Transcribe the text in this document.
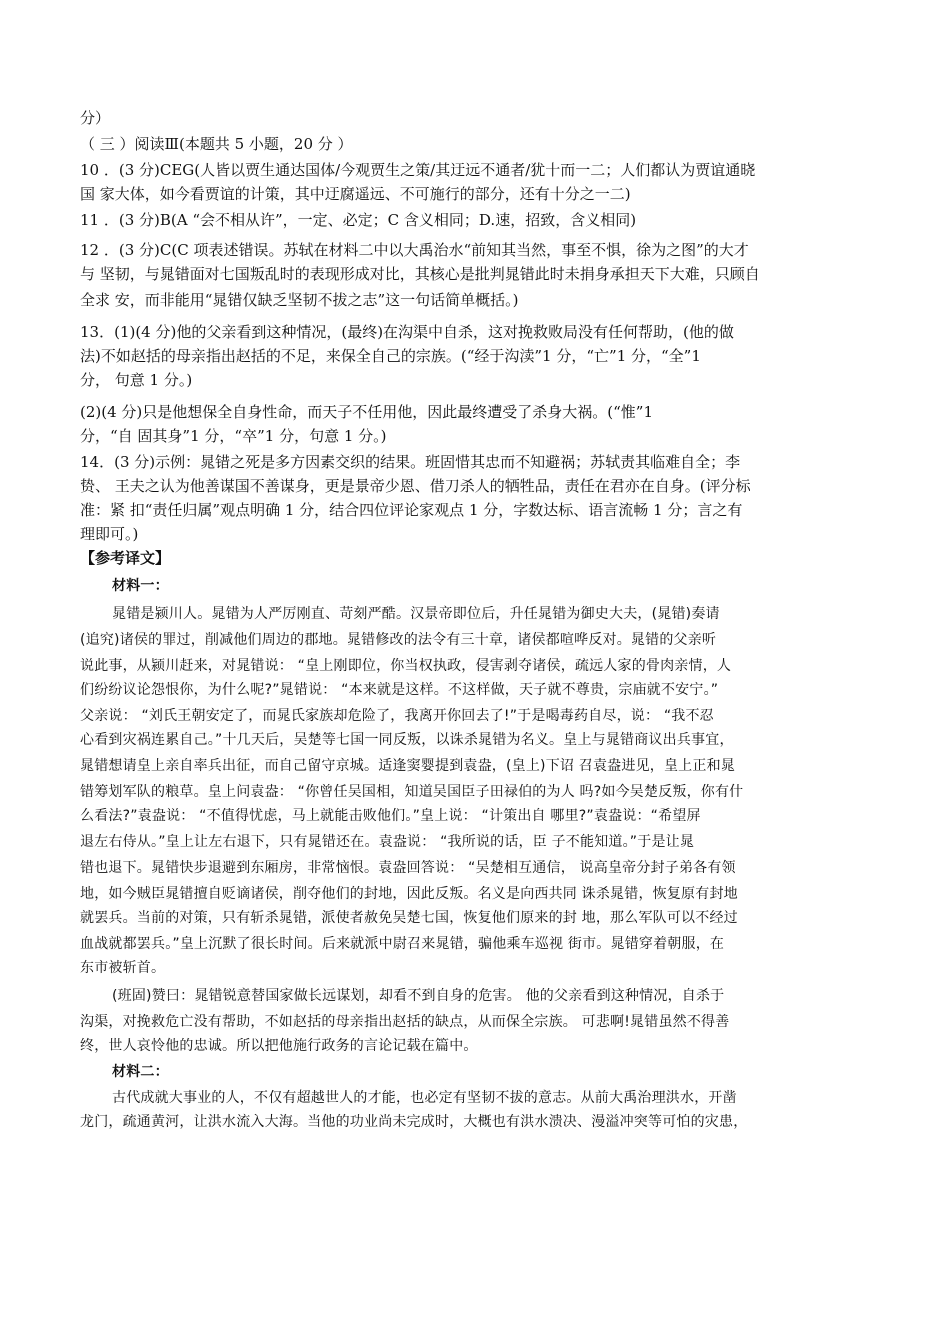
分）
（ 三 ）阅读Ⅲ(本题共 5 小题，20 分 ）
10 ．(3 分)CEG(人皆以贾生通达国体/今观贾生之策/其迂远不通者/犹十而一二；人们都认为贾谊通晓
国 家大体，如今看贾谊的计策，其中迂腐遥远、不可施行的部分，还有十分之一二)
11 ．(3 分)B(A “会不相从许”，一定、必定；C 含义相同；D.速，招致，含义相同)
12 ．(3 分)C(C 项表述错误。苏轼在材料二中以大禹治水“前知其当然，事至不惧，徐为之图”的大才
与 坚韧，与晁错面对七国叛乱时的表现形成对比，其核心是批判晁错此时未捐身承担天下大难，只顾自
全求 安，而非能用“晁错仅缺乏坚韧不拔之志”这一句话简单概括。)
13．(1)(4 分)他的父亲看到这种情况，(最终)在沟渠中自杀，这对挽救败局没有任何帮助，(他的做
法)不如赵括的母亲指出赵括的不足，来保全自己的宗族。(“经于沟渎”1 分，“亡”1 分，“全”1
分， 句意 1 分。)
(2)(4 分)只是他想保全自身性命，而天子不任用他，因此最终遭受了杀身大祸。(“惟”1
分，“自 固其身”1 分，“卒”1 分，句意 1 分。)
14．(3 分)示例：晁错之死是多方因素交织的结果。班固惜其忠而不知避祸；苏轼责其临难自全；李
贽、 王夫之认为他善谋国不善谋身，更是景帝少恩、借刀杀人的牺牲品，责任在君亦在自身。(评分标
准：紧 扣“责任归属”观点明确 1 分，结合四位评论家观点 1 分，字数达标、语言流畅 1 分；言之有
理即可。)
【参考译文】
材料一：
晁错是颍川人。晁错为人严厉刚直、苛刻严酷。汉景帝即位后，升任晁错为御史大夫，(晁错)奏请
(追究)诸侯的罪过，削减他们周边的郡地。晁错修改的法令有三十章，诸侯都喧哗反对。晁错的父亲听
说此事，从颍川赶来，对晁错说： “皇上刚即位，你当权执政，侵害剥夺诸侯，疏远人家的骨肉亲情，人
们纷纷议论怨恨你，为什么呢?”晁错说： “本来就是这样。不这样做，天子就不尊贵，宗庙就不安宁。”
父亲说： “刘氏王朝安定了，而晁氏家族却危险了，我离开你回去了!”于是喝毒药自尽，说： “我不忍
心看到灾祸连累自己。”十几天后，吴楚等七国一同反叛，以诛杀晁错为名义。皇上与晁错商议出兵事宜，
晁错想请皇上亲自率兵出征，而自己留守京城。适逢窦婴提到袁盎，(皇上)下诏 召袁盎进见，皇上正和晁
错筹划军队的粮草。皇上问袁盎： “你曾任吴国相，知道吴国臣子田禄伯的为人 吗?如今吴楚反叛，你有什
么看法?”袁盎说： “不值得忧虑，马上就能击败他们。”皇上说： “计策出自 哪里?”袁盎说：“希望屏
退左右侍从。”皇上让左右退下，只有晁错还在。袁盎说： “我所说的话，臣 子不能知道。”于是让晁
错也退下。晁错快步退避到东厢房，非常恼恨。袁盎回答说： “吴楚相互通信， 说高皇帝分封子弟各有领
地，如今贼臣晁错擅自贬谪诸侯，削夺他们的封地，因此反叛。名义是向西共同 诛杀晁错，恢复原有封地
就罢兵。当前的对策，只有斩杀晁错，派使者赦免吴楚七国，恢复他们原来的封 地，那么军队可以不经过
血战就都罢兵。”皇上沉默了很长时间。后来就派中尉召来晁错，骗他乘车巡视 街市。晁错穿着朝服，在
东市被斩首。
(班固)赞曰：晁错锐意替国家做长远谋划，却看不到自身的危害。 他的父亲看到这种情况，自杀于
沟渠，对挽救危亡没有帮助，不如赵括的母亲指出赵括的缺点，从而保全宗族。 可悲啊!晁错虽然不得善
终，世人哀怜他的忠诚。所以把他施行政务的言论记载在篇中。
材料二：
古代成就大事业的人，不仅有超越世人的才能，也必定有坚韧不拔的意志。从前大禹治理洪水，开凿
龙门，疏通黄河，让洪水流入大海。当他的功业尚未完成时，大概也有洪水溃决、漫溢冲突等可怕的灾患，
